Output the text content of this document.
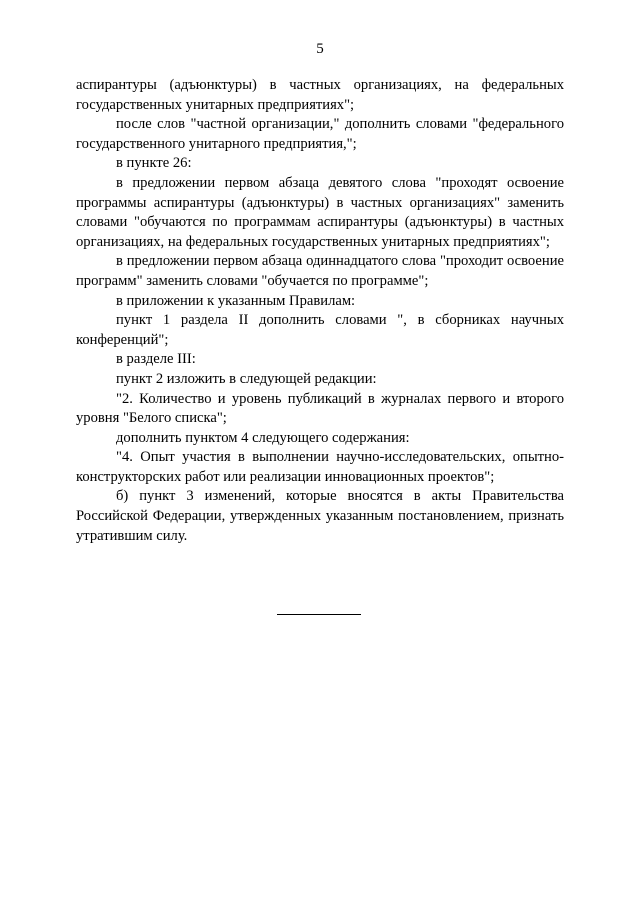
5

аспирантуры (адъюнктуры) в частных организациях, на федеральных государственных унитарных предприятиях";

после слов "частной организации," дополнить словами "федерального государственного унитарного предприятия,";

в пункте 26:

в предложении первом абзаца девятого слова "проходят освоение программы аспирантуры (адъюнктуры) в частных организациях" заменить словами "обучаются по программам аспирантуры (адъюнктуры) в частных организациях, на федеральных государственных унитарных предприятиях";

в предложении первом абзаца одиннадцатого слова "проходит освоение программ" заменить словами "обучается по программе";

в приложении к указанным Правилам:

пункт 1 раздела II дополнить словами ", в сборниках научных конференций";

в разделе III:

пункт 2 изложить в следующей редакции:

"2. Количество и уровень публикаций в журналах первого и второго уровня "Белого списка";

дополнить пунктом 4 следующего содержания:

"4. Опыт участия в выполнении научно-исследовательских, опытно-конструкторских работ или реализации инновационных проектов";

б) пункт 3 изменений, которые вносятся в акты Правительства Российской Федерации, утвержденных указанным постановлением, признать утратившим силу.
